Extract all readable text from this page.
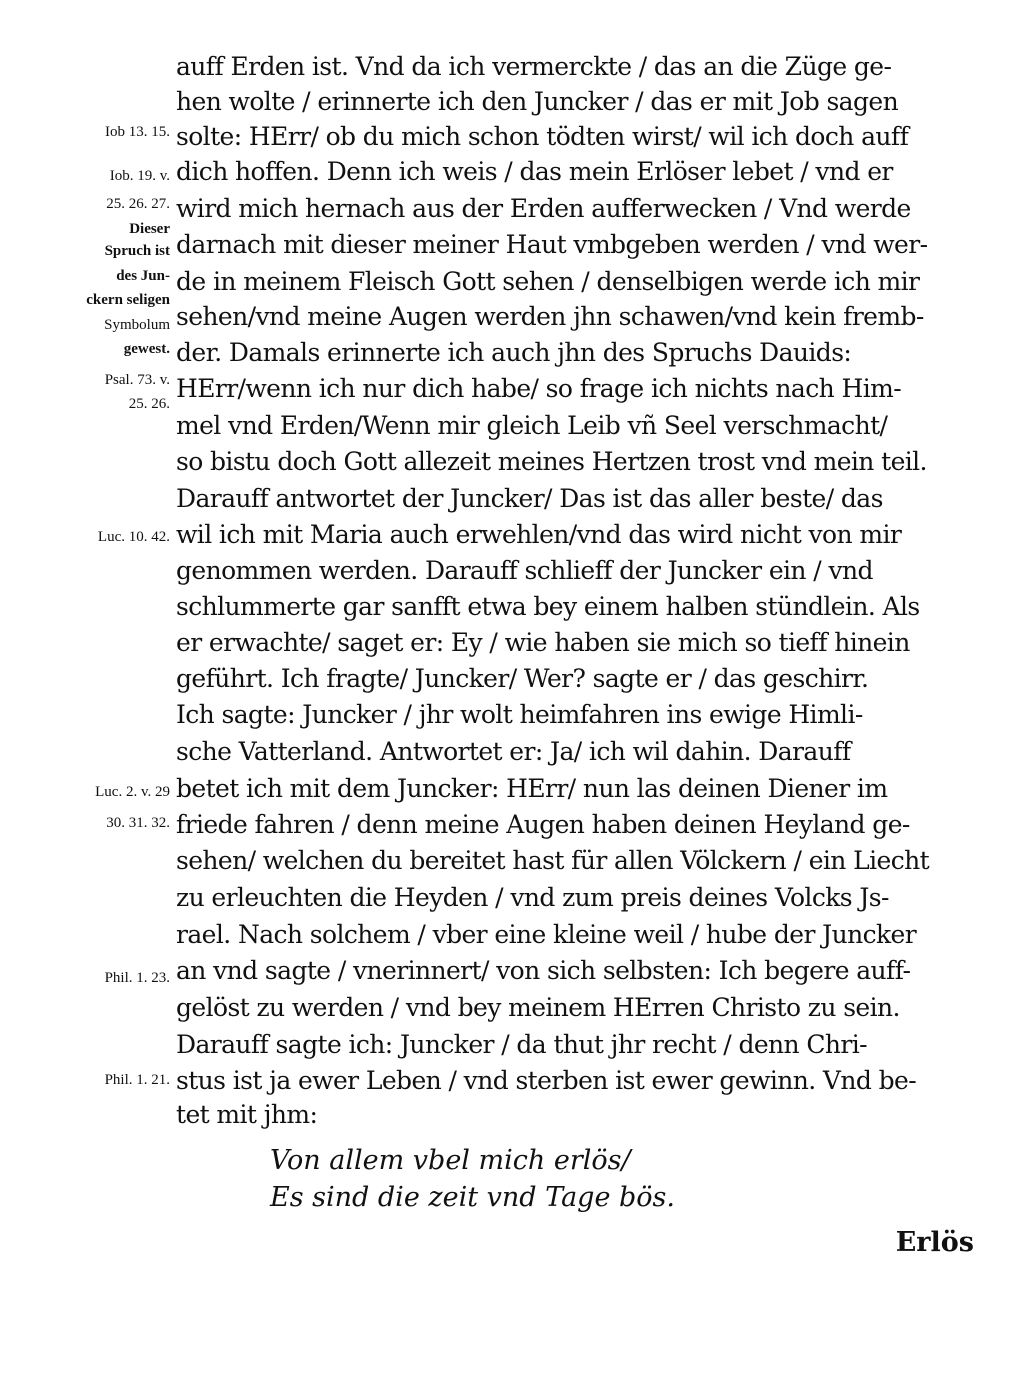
Iob 13. 15.
Iob. 19. v.
25. 26. 27.
Dieser
Spruch ist
des Jun-
ckern seligen
Symbolum
gewest.
Psal. 73. v.
25. 26.
Luc. 10. 42.
Luc. 2. v. 29
30. 31. 32.
Phil. 1. 23.
Phil. 1. 21.
auff Erden ist. Vnd da ich vermerckte / das an die Züge ge-
hen wolte / erinnerte ich den Juncker / das er mit Job sagen
solte: HErr/ ob du mich schon tödten wirst/ wil ich doch auff
dich hoffen. Denn ich weis / das mein Erlöser lebet / vnd er
wird mich hernach aus der Erden aufferwecken / Vnd werde
darnach mit dieser meiner Haut vmbgeben werden / vnd wer-
de in meinem Fleisch Gott sehen / denselbigen werde ich mir
sehen/vnd meine Augen werden jhn schawen/vnd kein fremb-
der. Damals erinnerte ich auch jhn des Spruchs Dauids:
HErr/wenn ich nur dich habe/ so frage ich nichts nach Him-
mel vnd Erden/Wenn mir gleich Leib vñ Seel verschmacht/
so bistu doch Gott allezeit meines Hertzen trost vnd mein teil.
Darauff antwortet der Juncker/ Das ist das aller beste/ das
wil ich mit Maria auch erwehlen/vnd das wird nicht von mir
genommen werden. Darauff schlieff der Juncker ein / vnd
schlummerte gar sanfft etwa bey einem halben stündlein. Als
er erwachte/ saget er: Ey / wie haben sie mich so tieff hinein
geführt. Ich fragte/ Juncker/ Wer? sagte er / das geschirr.
Ich sagte: Juncker / jhr wolt heimfahren ins ewige Himli-
sche Vatterland. Antwortet er: Ja/ ich wil dahin. Darauff
betet ich mit dem Juncker: HErr/ nun las deinen Diener im
friede fahren / denn meine Augen haben deinen Heyland ge-
sehen/ welchen du bereitet hast für allen Völckern / ein Liecht
zu erleuchten die Heyden / vnd zum preis deines Volcks Js-
rael. Nach solchem / vber eine kleine weil / hube der Juncker
an vnd sagte / vnerinnert/ von sich selbsten: Ich begere auff-
gelöst zu werden / vnd bey meinem HErren Christo zu sein.
Darauff sagte ich: Juncker / da thut jhr recht / denn Chri-
stus ist ja ewer Leben / vnd sterben ist ewer gewinn. Vnd be-
tet mit jhm:
Von allem vbel mich erlös/
Es sind die zeit vnd Tage bös.
Erlös
